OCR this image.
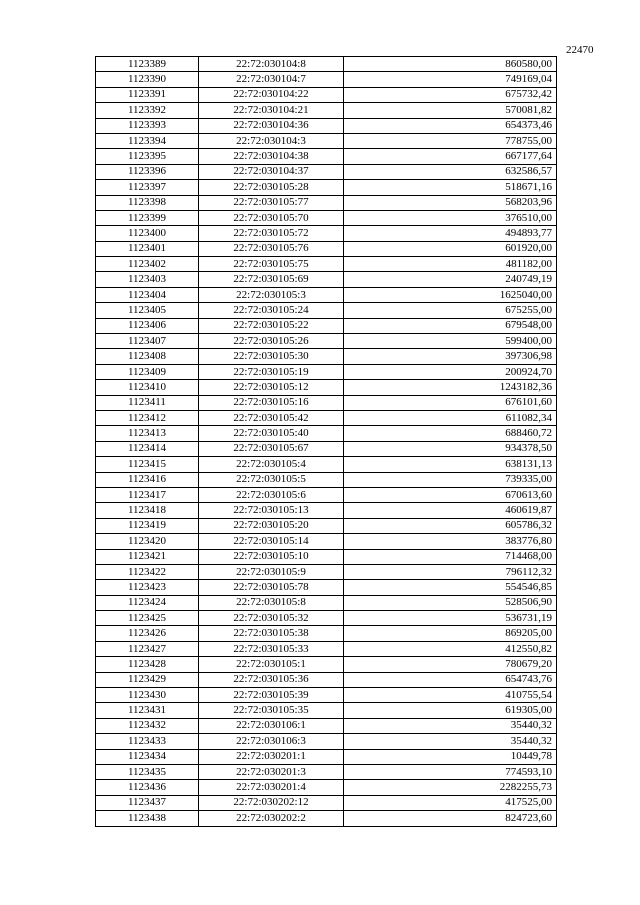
22470
1123389	22:72:030104:8	860580,00
1123390	22:72:030104:7	749169,04
1123391	22:72:030104:22	675732,42
1123392	22:72:030104:21	570081,82
1123393	22:72:030104:36	654373,46
1123394	22:72:030104:3	778755,00
1123395	22:72:030104:38	667177,64
1123396	22:72:030104:37	632586,57
1123397	22:72:030105:28	518671,16
1123398	22:72:030105:77	568203,96
1123399	22:72:030105:70	376510,00
1123400	22:72:030105:72	494893,77
1123401	22:72:030105:76	601920,00
1123402	22:72:030105:75	481182,00
1123403	22:72:030105:69	240749,19
1123404	22:72:030105:3	1625040,00
1123405	22:72:030105:24	675255,00
1123406	22:72:030105:22	679548,00
1123407	22:72:030105:26	599400,00
1123408	22:72:030105:30	397306,98
1123409	22:72:030105:19	200924,70
1123410	22:72:030105:12	1243182,36
1123411	22:72:030105:16	676101,60
1123412	22:72:030105:42	611082,34
1123413	22:72:030105:40	688460,72
1123414	22:72:030105:67	934378,50
1123415	22:72:030105:4	638131,13
1123416	22:72:030105:5	739335,00
1123417	22:72:030105:6	670613,60
1123418	22:72:030105:13	460619,87
1123419	22:72:030105:20	605786,32
1123420	22:72:030105:14	383776,80
1123421	22:72:030105:10	714468,00
1123422	22:72:030105:9	796112,32
1123423	22:72:030105:78	554546,85
1123424	22:72:030105:8	528506,90
1123425	22:72:030105:32	536731,19
1123426	22:72:030105:38	869205,00
1123427	22:72:030105:33	412550,82
1123428	22:72:030105:1	780679,20
1123429	22:72:030105:36	654743,76
1123430	22:72:030105:39	410755,54
1123431	22:72:030105:35	619305,00
1123432	22:72:030106:1	35440,32
1123433	22:72:030106:3	35440,32
1123434	22:72:030201:1	10449,78
1123435	22:72:030201:3	774593,10
1123436	22:72:030201:4	2282255,73
1123437	22:72:030202:12	417525,00
1123438	22:72:030202:2	824723,60
